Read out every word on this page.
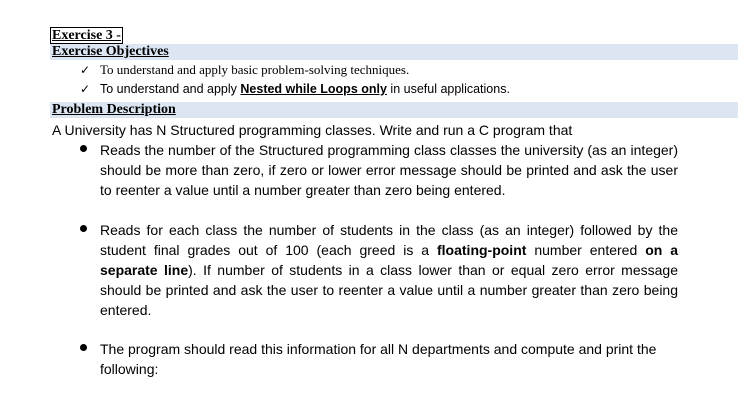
Exercise 3 -
Exercise Objectives
✓ To understand and apply basic problem-solving techniques.
✓ To understand and apply Nested while Loops only in useful applications.
Problem Description
A University has N Structured programming classes. Write and run a C program that
Reads the number of the Structured programming class classes the university (as an integer) should be more than zero, if zero or lower error message should be printed and ask the user to reenter a value until a number greater than zero being entered.
Reads for each class the number of students in the class (as an integer) followed by the student final grades out of 100 (each greed is a floating-point number entered on a separate line). If number of students in a class lower than or equal zero error message should be printed and ask the user to reenter a value until a number greater than zero being entered.
The program should read this information for all N departments and compute and print the following:
